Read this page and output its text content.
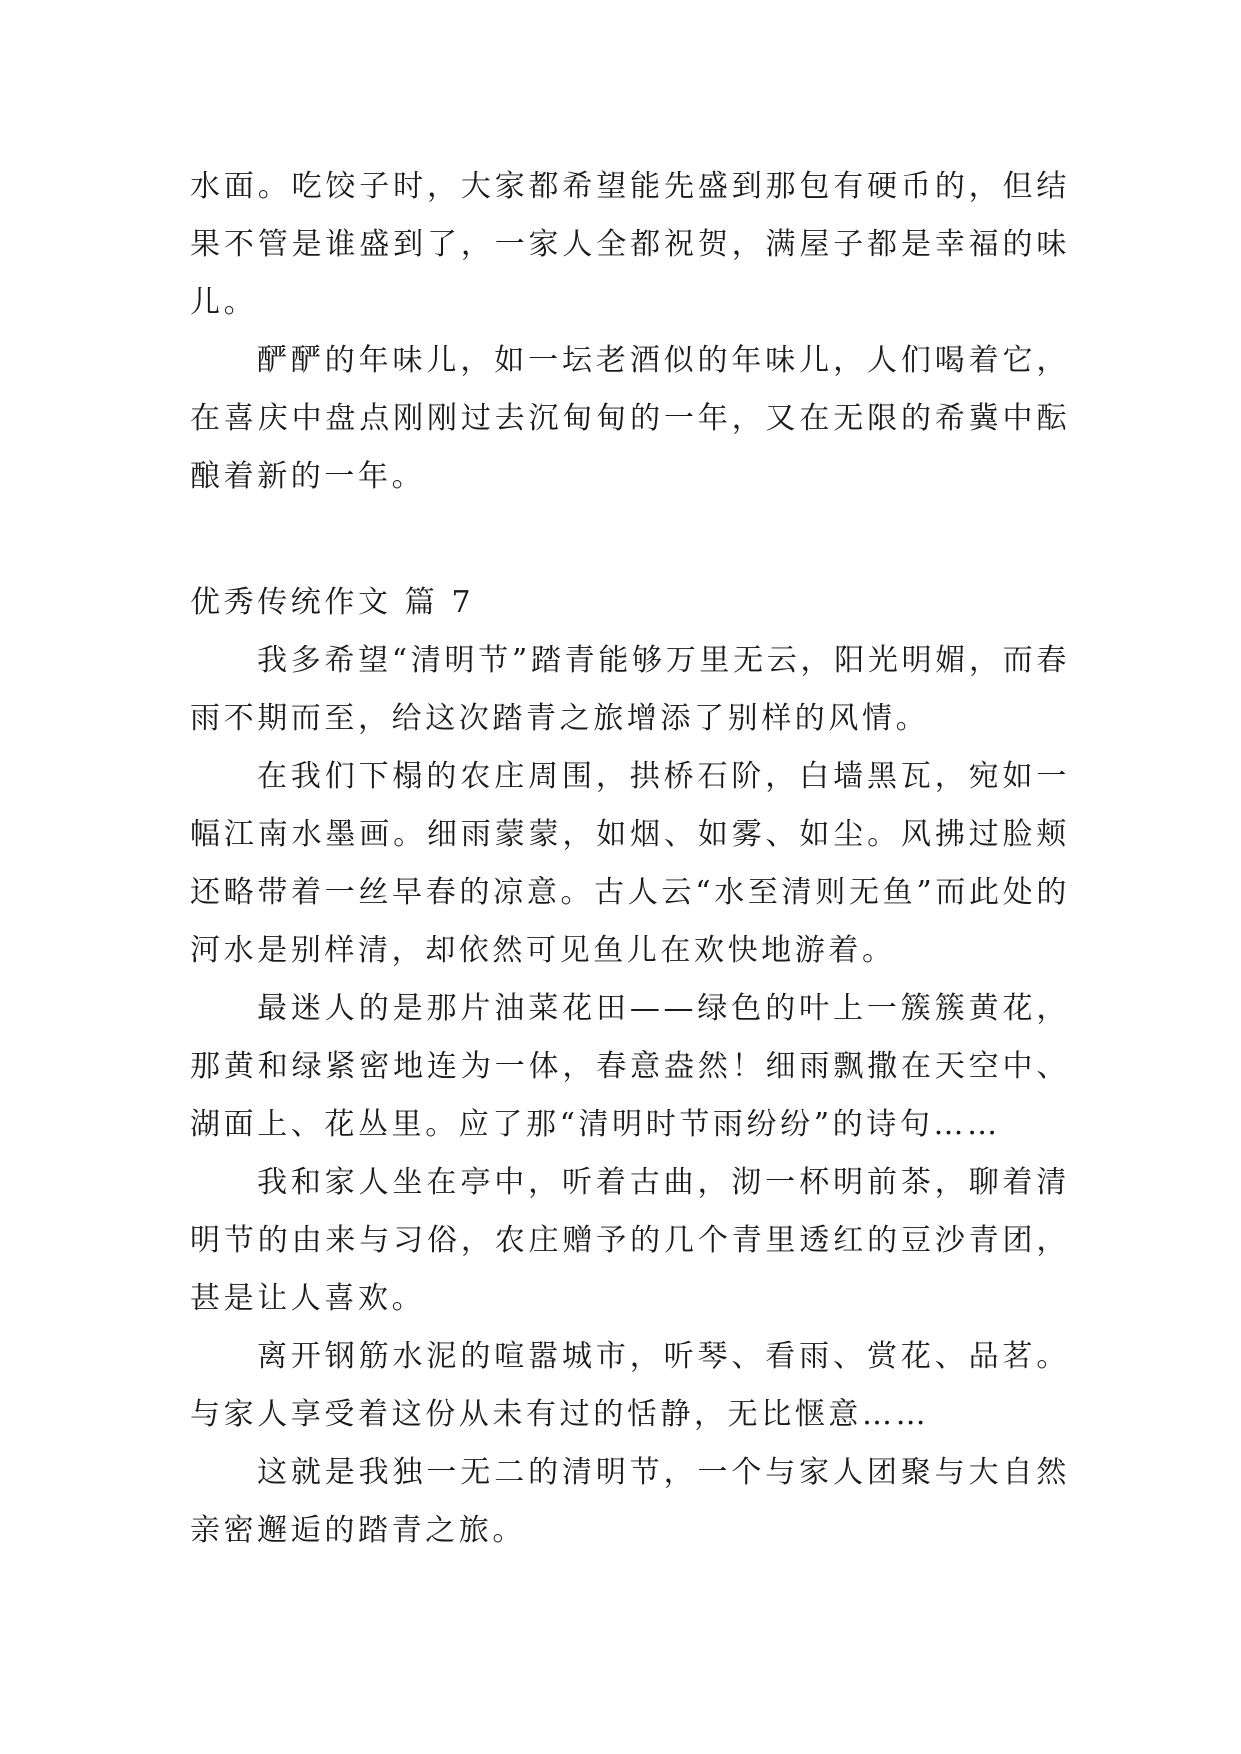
水面。吃饺子时，大家都希望能先盛到那包有硬币的，但结果不管是谁盛到了，一家人全都祝贺，满屋子都是幸福的味儿。

酽酽的年味儿，如一坛老酒似的年味儿，人们喝着它，在喜庆中盘点刚刚过去沉甸甸的一年，又在无限的希冀中酝酿着新的一年。

优秀传统作文 篇 7

我多希望“清明节”踏青能够万里无云，阳光明媚，而春雨不期而至，给这次踏青之旅增添了别样的风情。

在我们下榻的农庄周围，拱桥石阶，白墙黑瓦，宛如一幅江南水墨画。细雨蒙蒙，如烟、如雾、如尘。风拂过脸颊还略带着一丝早春的凉意。古人云“水至清则无鱼”而此处的河水是别样清，却依然可见鱼儿在欢快地游着。

最迷人的是那片油菜花田——绿色的叶上一簇簇黄花，那黄和绿紧密地连为一体，春意盎然！细雨飘撒在天空中、湖面上、花丛里。应了那“清明时节雨纷纷”的诗句……

我和家人坐在亭中，听着古曲，沏一杯明前茶，聊着清明节的由来与习俗，农庄赠予的几个青里透红的豆沙青团，甚是让人喜欢。

离开钢筋水泥的喧嚣城市，听琴、看雨、赏花、品茗。与家人享受着这份从未有过的恬静，无比惬意……

这就是我独一无二的清明节，一个与家人团聚与大自然亲密邂逅的踏青之旅。
